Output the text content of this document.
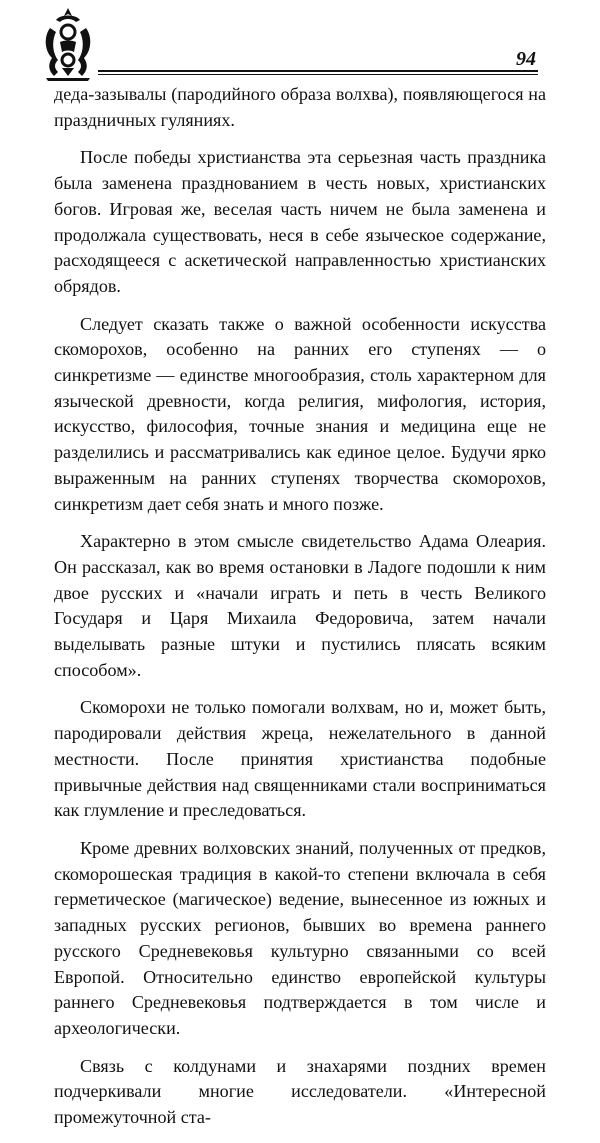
94

деда-зазывалы (пародийного образа волхва), появляющегося на праздничных гуляниях.

После победы христианства эта серьезная часть праздника была заменена празднованием в честь новых, христианских богов. Игровая же, веселая часть ничем не была заменена и продолжала существовать, неся в себе языческое содержание, расходящееся с аскетической направленностью христианских обрядов.

Следует сказать также о важной особенности искусства скоморохов, особенно на ранних его ступенях — о синкретизме — единстве многообразия, столь характерном для языческой древности, когда религия, мифология, история, искусство, философия, точные знания и медицина еще не разделились и рассматривались как единое целое. Будучи ярко выраженным на ранних ступенях творчества скоморохов, синкретизм дает себя знать и много позже.

Характерно в этом смысле свидетельство Адама Олеария. Он рассказал, как во время остановки в Ладоге подошли к ним двое русских и «начали играть и петь в честь Великого Государя и Царя Михаила Федоровича, затем начали выделывать разные штуки и пустились плясать всяким способом».

Скоморохи не только помогали волхвам, но и, может быть, пародировали действия жреца, нежелательного в данной местности. После принятия христианства подобные привычные действия над священниками стали восприниматься как глумление и преследоваться.

Кроме древних волховских знаний, полученных от предков, скоморошеская традиция в какой-то степени включала в себя герметическое (магическое) ведение, вынесенное из южных и западных русских регионов, бывших во времена раннего русского Средневековья культурно связанными со всей Европой. Относительно единство европейской культуры раннего Средневековья подтверждается в том числе и археологически.

Связь с колдунами и знахарями поздних времен подчеркивали многие исследователи. «Интересной промежуточной ста-
